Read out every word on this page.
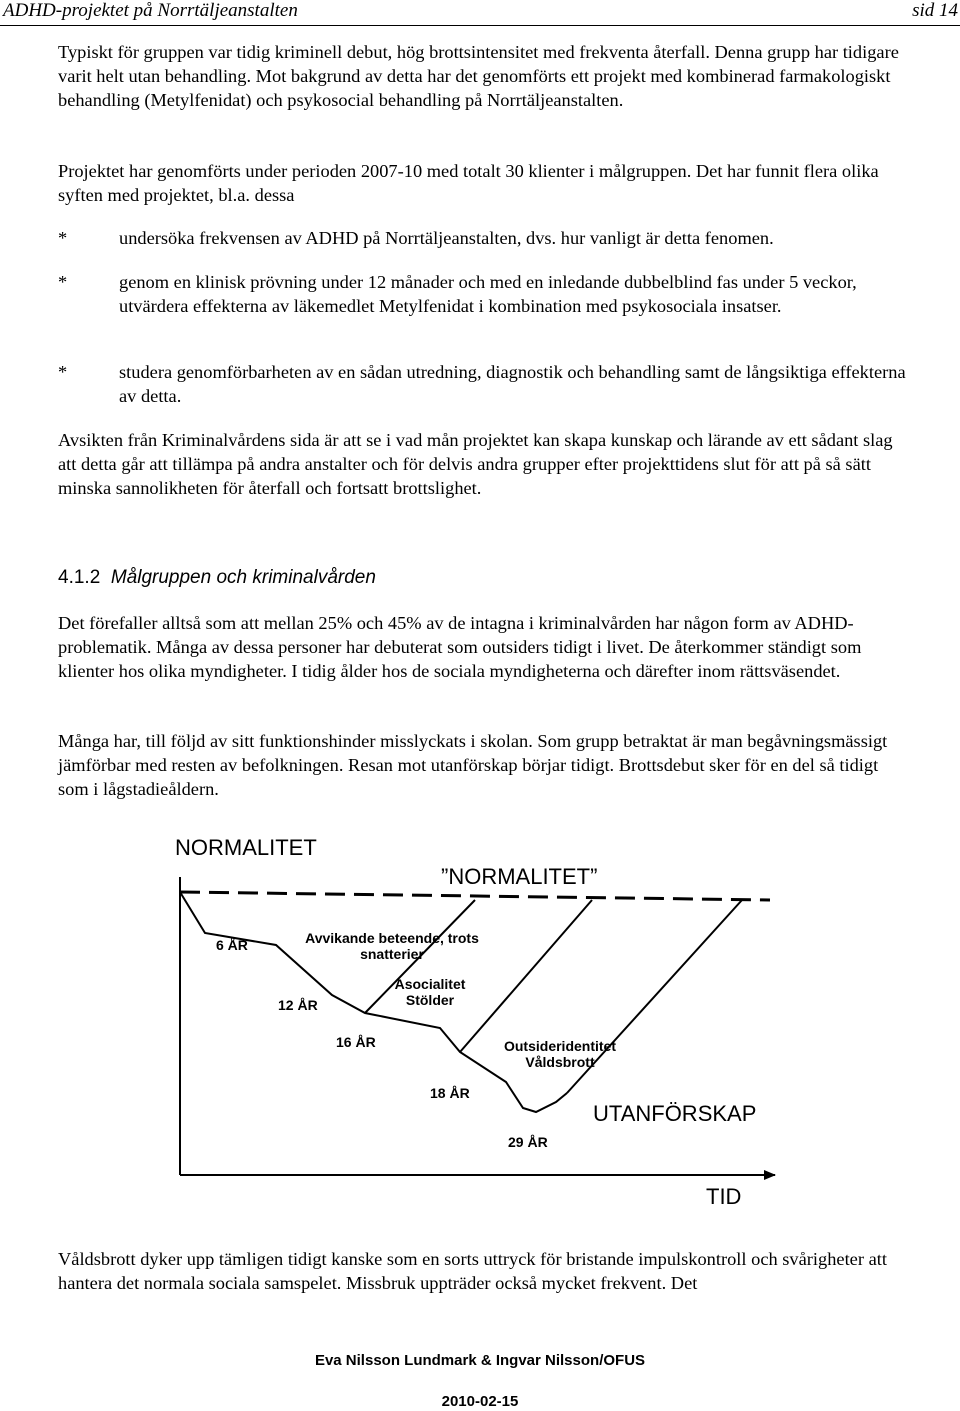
ADHD-projektet på Norrtäljeanstalten	sid 14

Typiskt för gruppen var tidig kriminell debut, hög brottsintensitet med frekventa återfall. Denna grupp har tidigare varit helt utan behandling. Mot bakgrund av detta har det genomförts ett projekt med kombinerad farmakologiskt behandling (Metylfenidat) och psykosocial behandling på Norrtäljeanstalten.

Projektet har genomförts under perioden 2007-10 med totalt 30 klienter i målgruppen. Det har funnit flera olika syften med projektet, bl.a. dessa

*	undersöka frekvensen av ADHD på Norrtäljeanstalten, dvs. hur vanligt är detta fenomen.

*	genom en klinisk prövning under 12 månader och med en inledande dubbelblind fas under 5 veckor, utvärdera effekterna av läkemedlet Metylfenidat i kombination med psykosociala insatser.

*	studera genomförbarheten av en sådan utredning, diagnostik och behandling samt de långsiktiga effekterna av detta.

Avsikten från Kriminalvårdens sida är att se i vad mån projektet kan skapa kunskap och lärande av ett sådant slag att detta går att tillämpa på andra anstalter och för delvis andra grupper efter projekttidens slut för att på så sätt minska sannolikheten för återfall och fortsatt brottslighet.

4.1.2 Målgruppen och kriminalvården

Det förefaller alltså som att mellan 25% och 45% av de intagna i kriminalvården har någon form av ADHD-problematik. Många av dessa personer har debuterat som outsiders tidigt i livet. De återkommer ständigt som klienter hos olika myndigheter. I tidig ålder hos de sociala myndigheterna och därefter inom rättsväsendet.

Många har, till följd av sitt funktionshinder misslyckats i skolan. Som grupp betraktat är man begåvningsmässigt jämförbar med resten av befolkningen. Resan mot utanförskap börjar tidigt. Brottsdebut sker för en del så tidigt som i lågstadieåldern.

NORMALITET
”NORMALITET”
6 ÅR	Avvikande beteende, trots
snatterier
Asocialitet
Stölder
12 ÅR
16 ÅR	Outsideridentitet
Våldsbrott
18 ÅR
UTANFÖRSKAP
29 ÅR
TID

Våldsbrott dyker upp tämligen tidigt kanske som en sorts uttryck för bristande impulskontroll och svårigheter att hantera det normala sociala samspelet. Missbruk uppträder också mycket frekvent. Det

Eva Nilsson Lundmark & Ingvar Nilsson/OFUS
2010-02-15
